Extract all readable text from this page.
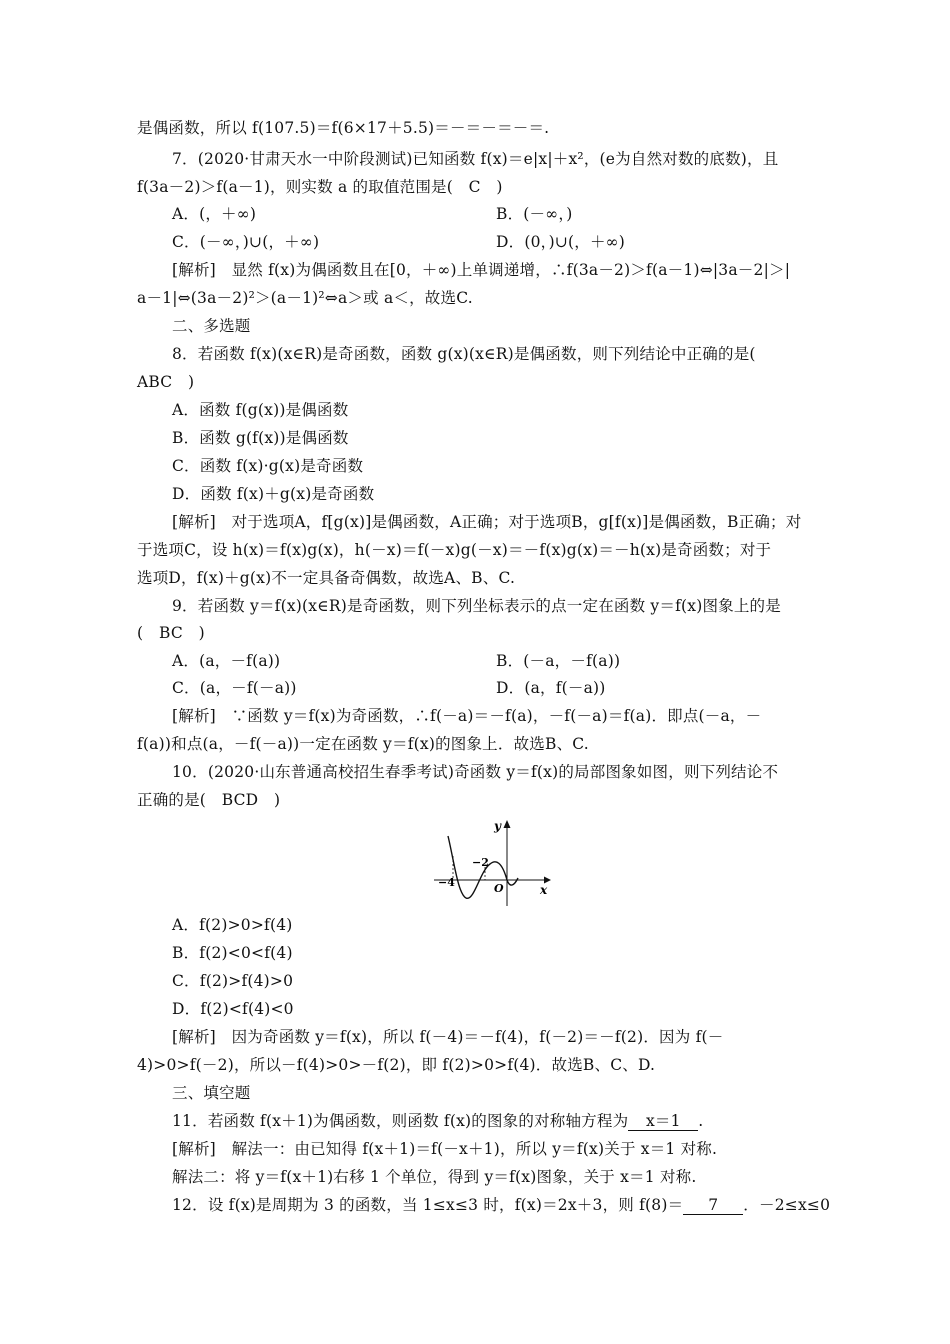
是偶函数，所以 f(107.5)＝f(6×17＋5.5)＝－＝－＝－＝.
7．(2020·甘肃天水一中阶段测试)已知函数 f(x)＝e|x|＋x²，(e为自然对数的底数)，且
f(3a－2)＞f(a－1)，则实数 a 的取值范围是(　C　)
A．(，＋∞)	B．(－∞，)
C．(－∞，)∪(，＋∞)	D．(0，)∪(，＋∞)
[解析]　显然 f(x)为偶函数且在[0，＋∞)上单调递增，∴f(3a－2)＞f(a－1)⇔|3a－2|＞|
a－1|⇔(3a－2)²＞(a－1)²⇔a＞或 a＜，故选C.
二、多选题
8．若函数 f(x)(x∈R)是奇函数，函数 g(x)(x∈R)是偶函数，则下列结论中正确的是(
ABC　)
A．函数 f(g(x))是偶函数
B．函数 g(f(x))是偶函数
C．函数 f(x)·g(x)是奇函数
D．函数 f(x)＋g(x)是奇函数
[解析]　对于选项A，f[g(x)]是偶函数，A正确；对于选项B，g[f(x)]是偶函数，B正确；对
于选项C，设 h(x)＝f(x)g(x)，h(－x)＝f(－x)g(－x)＝－f(x)g(x)＝－h(x)是奇函数；对于
选项D，f(x)＋g(x)不一定具备奇偶数，故选A、B、C.
9．若函数 y＝f(x)(x∈R)是奇函数，则下列坐标表示的点一定在函数 y＝f(x)图象上的是
(　BC　)
A．(a，－f(a))	B．(－a，－f(a))
C．(a，－f(－a))	D．(a，f(－a))
[解析]　∵函数 y＝f(x)为奇函数，∴f(－a)＝－f(a)，－f(－a)＝f(a)．即点(－a，－
f(a))和点(a，－f(－a))一定在函数 y＝f(x)的图象上．故选B、C.
10．(2020·山东普通高校招生春季考试)奇函数 y＝f(x)的局部图象如图，则下列结论不
正确的是(　BCD　)
y
x
O
−2
−4
A．f(2)>0>f(4)
B．f(2)<0<f(4)
C．f(2)>f(4)>0
D．f(2)<f(4)<0
[解析]　因为奇函数 y＝f(x)，所以 f(－4)＝－f(4)，f(－2)＝－f(2)．因为 f(－
4)>0>f(－2)，所以－f(4)>0>－f(2)，即 f(2)>0>f(4)．故选B、C、D.
三、填空题
11．若函数 f(x＋1)为偶函数，则函数 f(x)的图象的对称轴方程为 x＝1 .
[解析]　解法一：由已知得 f(x＋1)＝f(－x＋1)，所以 y＝f(x)关于 x＝1 对称.
解法二：将 y＝f(x＋1)右移 1 个单位，得到 y＝f(x)图象，关于 x＝1 对称.
12．设 f(x)是周期为 3 的函数，当 1≤x≤3 时，f(x)＝2x＋3，则 f(8)＝ 7 ．－2≤x≤0
